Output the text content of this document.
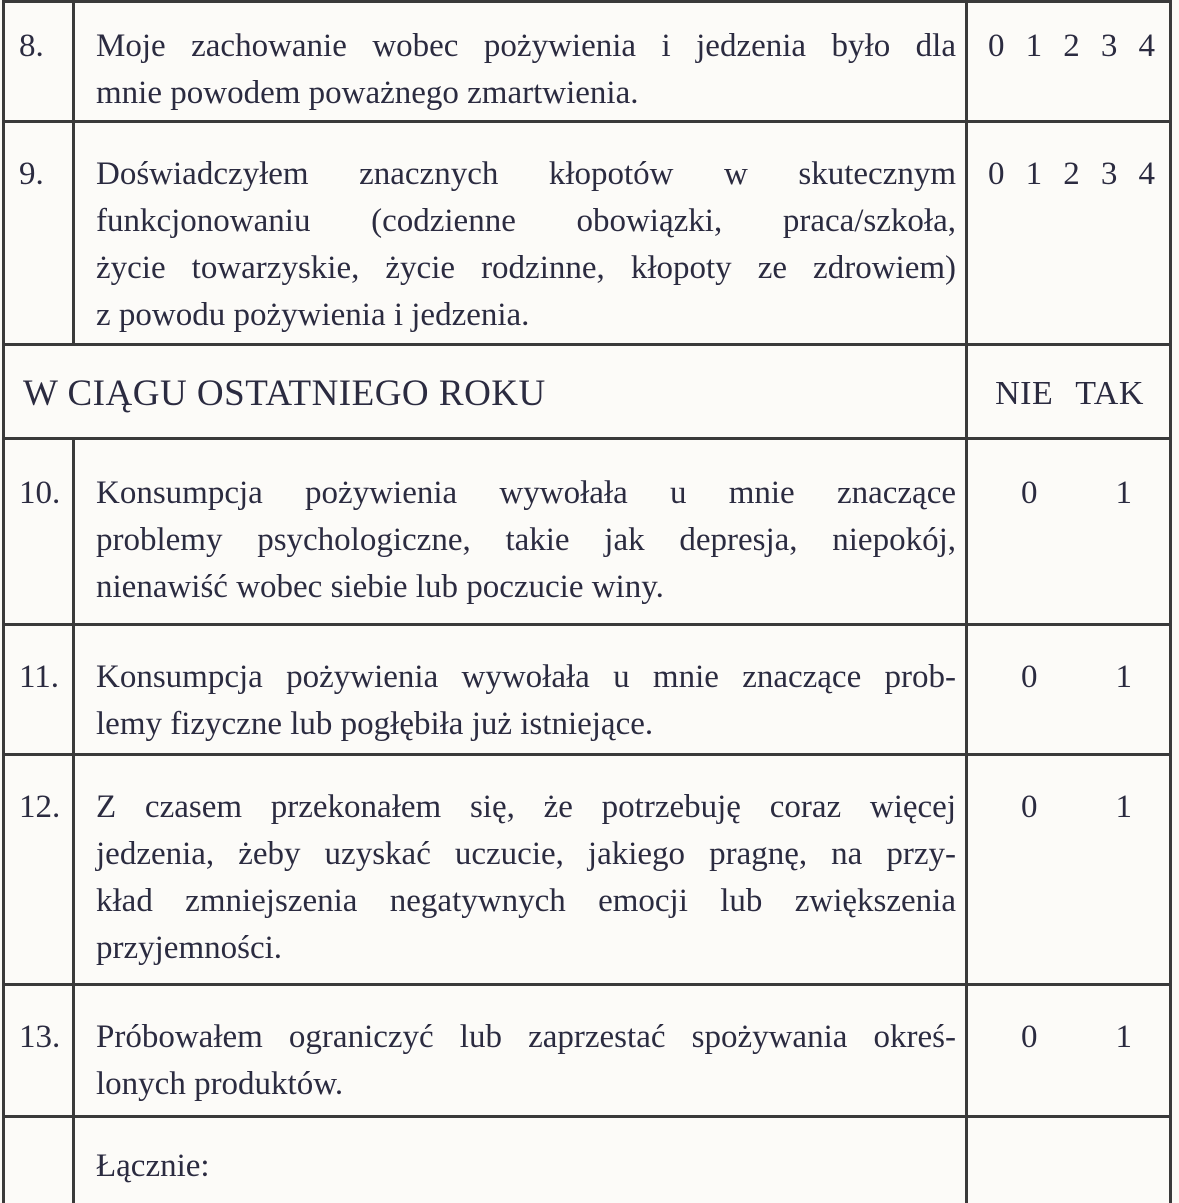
8.	Moje zachowanie wobec pożywienia i jedzenia było dla
mnie powodem poważnego zmartwienia.
0 1 2 3 4
9.	Doświadczyłem znacznych kłopotów w skutecznym
funkcjonowaniu (codzienne obowiązki, praca/szkoła,
życie towarzyskie, życie rodzinne, kłopoty ze zdrowiem)
z powodu pożywienia i jedzenia.
0 1 2 3 4
W CIĄGU OSTATNIEGO ROKU	NIE TAK
10.	Konsumpcja pożywienia wywołała u mnie znaczące
problemy psychologiczne, takie jak depresja, niepokój,
nienawiść wobec siebie lub poczucie winy.
0	1
11.	Konsumpcja pożywienia wywołała u mnie znaczące prob-
lemy fizyczne lub pogłębiła już istniejące.
0	1
12.	Z czasem przekonałem się, że potrzebuję coraz więcej
jedzenia, żeby uzyskać uczucie, jakiego pragnę, na przy-
kład zmniejszenia negatywnych emocji lub zwiększenia
przyjemności.
0	1
13.	Próbowałem ograniczyć lub zaprzestać spożywania okreś-
lonych produktów.
0	1
Łącznie:
